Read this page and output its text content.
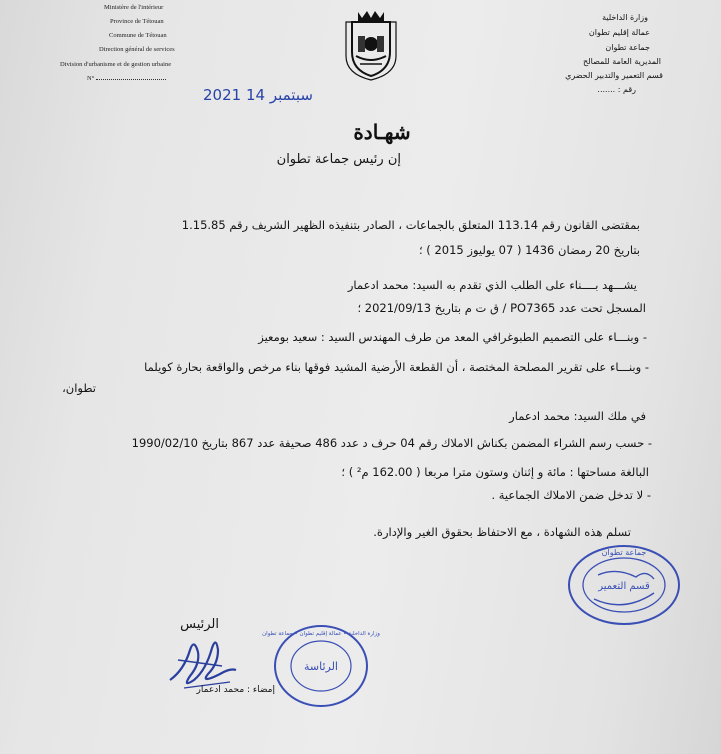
Ministère de l'intérieur
Province de Tétouan
Commune de Tétouan
Direction général de services
Division d'urbanisme et de gestion urbaine
N°
وزارة الداخلية
عمالة إقليم تطوان
جماعة تطوان
المديرية العامة للمصالح
قسم التعمير والتدبير الحضري
رقم : .......
2021 سبتمبر 14
شهـادة
إن رئيس جماعة تطوان
بمقتضى القانون رقم 113.14 المتعلق بالجماعات ، الصادر بتنفيذه الظهير الشريف رقم 1.15.85
بتاريخ 20 رمضان 1436 ( 07 يوليوز 2015 ) ؛
يشـــهد بــــناء على الطلب الذي تقدم به السيد: محمد ادعمار
المسجل تحت عدد PO7365 / ق ت م بتاريخ 2021/09/13 ؛
- وبنـــاء على التصميم الطبوغرافي المعد من طرف المهندس السيد : سعيد بومعيز
- وبنـــاء على تقرير المصلحة المختصة ، أن القطعة الأرضية المشيد فوقها بناء مرخص والواقعة بحارة كويلما
تطوان،
في ملك السيد: محمد ادعمار
- حسب رسم الشراء المضمن بكناش الاملاك رقم 04 حرف د عدد 486 صحيفة عدد 867 بتاريخ 1990/02/10
البالغة مساحتها : مائة و إثنان وستون مترا مربعا ( 162.00 م² ) ؛
- لا تدخل ضمن الاملاك الجماعية .
تسلم هذه الشهادة ، مع الاحتفاظ بحقوق الغير والإدارة.
جماعة تطوان
قسم التعمير
الرئيس
وزارة الداخلية • عمالة إقليم تطوان • جماعة تطوان
الرئاسة
إمضاء : محمد ادعمار
